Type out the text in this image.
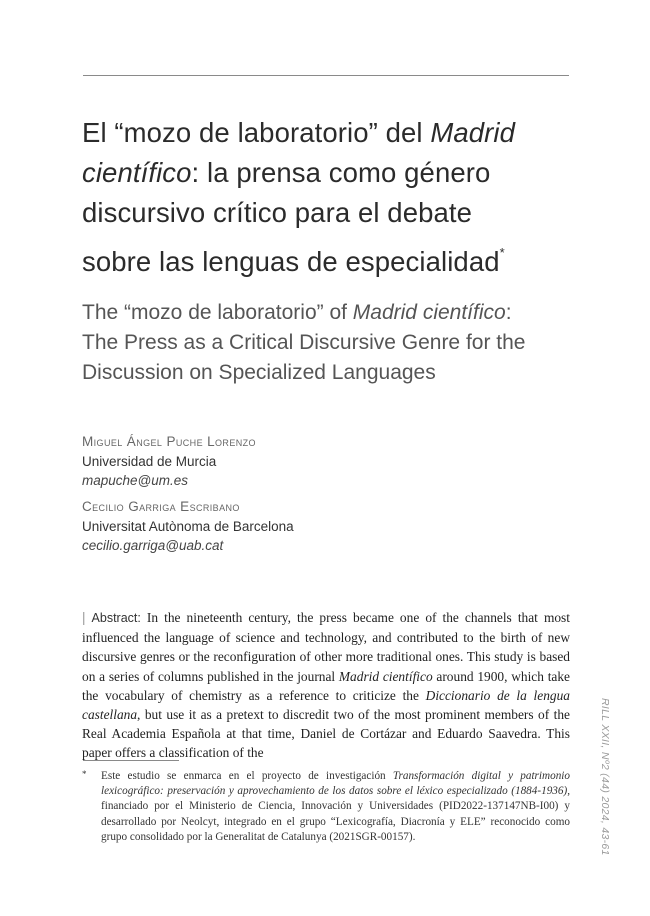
El “mozo de laboratorio” del Madrid
científico: la prensa como género
discursivo crítico para el debate
sobre las lenguas de especialidad*
The “mozo de laboratorio” of Madrid científico:
The Press as a Critical Discursive Genre for the
Discussion on Specialized Languages
Miguel Ángel Puche Lorenzo
Universidad de Murcia
mapuche@um.es
Cecilio Garriga Escribano
Universitat Autònoma de Barcelona
cecilio.garriga@uab.cat
| Abstract: In the nineteenth century, the press became one of the channels that most influenced the language of science and technology, and contributed to the birth of new discursive genres or the reconfiguration of other more traditional ones. This study is based on a series of columns published in the journal Madrid científico around 1900, which take the vocabulary of chemistry as a reference to criticize the Diccionario de la lengua castellana, but use it as a pretext to discredit two of the most prominent members of the Real Academia Española at that time, Daniel de Cortázar and Eduardo Saavedra. This paper offers a classification of the	RILL XXII, Nº2 (44) 2024, 43-61
* Este estudio se enmarca en el proyecto de investigación Transformación digital y patrimonio lexicográfico: preservación y aprovechamiento de los datos sobre el léxico especializado (1884-1936), financiado por el Ministerio de Ciencia, Innovación y Universidades (PID2022-137147NB-I00) y desarrollado por Neolcyt, integrado en el grupo “Lexicografía, Diacronía y ELE” reconocido como grupo consolidado por la Generalitat de Catalunya (2021SGR-00157).
